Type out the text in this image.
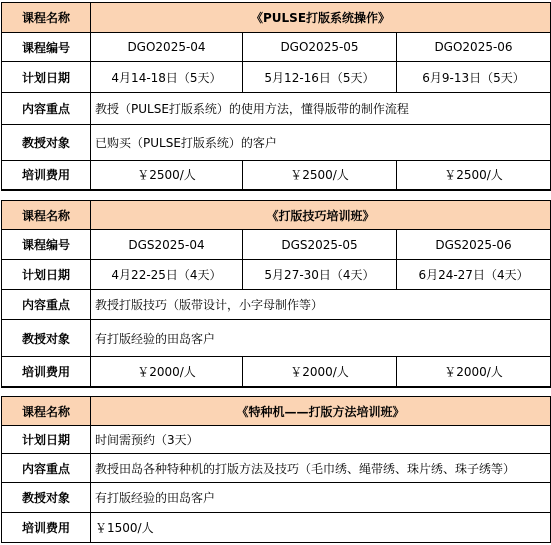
课程名称	《PULSE打版系统操作》		
课程编号	DGO2025-04	DGO2025-05	DGO2025-06
计划日期	4月14-18日（5天）	5月12-16日（5天）	6月9-13日（5天）
内容重点	教授（PULSE打版系统）的使用方法，懂得版带的制作流程		
教授对象	已购买（PULSE打版系统）的客户		
培训费用	￥2500/人	￥2500/人	￥2500/人
课程名称	《打版技巧培训班》		
课程编号	DGS2025-04	DGS2025-05	DGS2025-06
计划日期	4月22-25日（4天）	5月27-30日（4天）	6月24-27日（4天）
内容重点	教授打版技巧（版带设计，小字母制作等）		
教授对象	有打版经验的田岛客户		
培训费用	￥2000/人	￥2000/人	￥2000/人
课程名称	《特种机——打版方法培训班》
计划日期	时间需预约（3天）
内容重点	教授田岛各种特种机的打版方法及技巧（毛巾绣、绳带绣、珠片绣、珠子绣等）
教授对象	有打版经验的田岛客户
培训费用	￥1500/人
